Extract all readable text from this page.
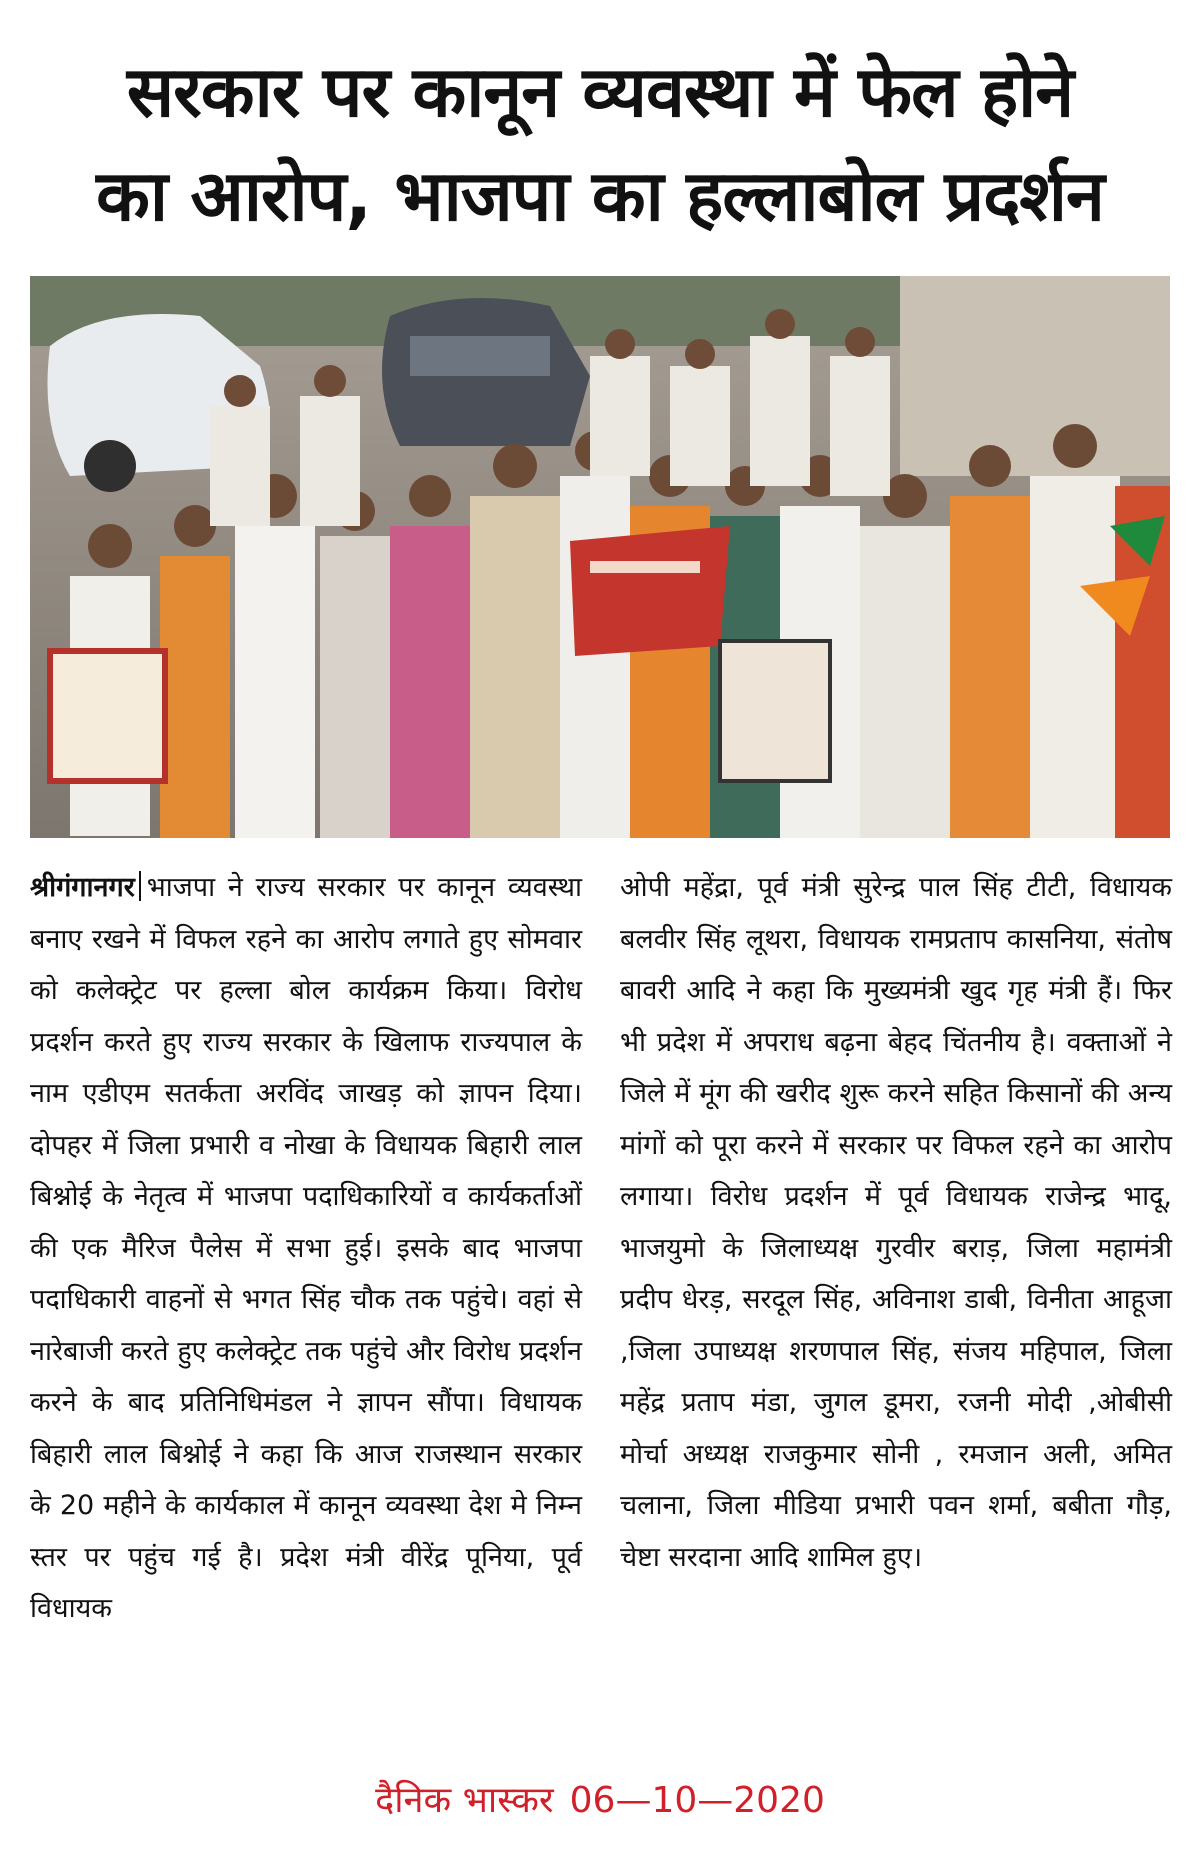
सरकार पर कानून व्यवस्था में फेल होने
का आरोप, भाजपा का हल्लाबोल प्रदर्शन
श्रीगंगानगर भाजपा ने राज्य सरकार पर कानून व्यवस्था बनाए रखने में विफल रहने का आरोप लगाते हुए सोमवार को कलेक्ट्रेट पर हल्ला बोल कार्यक्रम किया। विरोध प्रदर्शन करते हुए राज्य सरकार के खिलाफ राज्यपाल के नाम एडीएम सतर्कता अरविंद जाखड़ को ज्ञापन दिया। दोपहर में जिला प्रभारी व नोखा के विधायक बिहारी लाल बिश्नोई के नेतृत्व में भाजपा पदाधिकारियों व कार्यकर्ताओं की एक मैरिज पैलेस में सभा हुई। इसके बाद भाजपा पदाधिकारी वाहनों से भगत सिंह चौक तक पहुंचे। वहां से नारेबाजी करते हुए कलेक्ट्रेट तक पहुंचे और विरोध प्रदर्शन करने के बाद प्रतिनिधिमंडल ने ज्ञापन सौंपा। विधायक बिहारी लाल बिश्नोई ने कहा कि आज राजस्थान सरकार के 20 महीने के कार्यकाल में कानून व्यवस्था देश मे निम्न स्तर पर पहुंच गई है। प्रदेश मंत्री वीरेंद्र पूनिया, पूर्व विधायक
ओपी महेंद्रा, पूर्व मंत्री सुरेन्द्र पाल सिंह टीटी, विधायक बलवीर सिंह लूथरा, विधायक रामप्रताप कासनिया, संतोष बावरी आदि ने कहा कि मुख्यमंत्री खुद गृह मंत्री हैं। फिर भी प्रदेश में अपराध बढ़ना बेहद चिंतनीय है। वक्ताओं ने जिले में मूंग की खरीद शुरू करने सहित किसानों की अन्य मांगों को पूरा करने में सरकार पर विफल रहने का आरोप लगाया। विरोध प्रदर्शन में पूर्व विधायक राजेन्द्र भादू, भाजयुमो के जिलाध्यक्ष गुरवीर बराड़, जिला महामंत्री प्रदीप धेरड़, सरदूल सिंह, अविनाश डाबी, विनीता आहूजा ,जिला उपाध्यक्ष शरणपाल सिंह, संजय महिपाल, जिला महेंद्र प्रताप मंडा, जुगल डूमरा, रजनी मोदी ,ओबीसी मोर्चा अध्यक्ष राजकुमार सोनी , रमजान अली, अमित चलाना, जिला मीडिया प्रभारी पवन शर्मा, बबीता गौड़, चेष्टा सरदाना आदि शामिल हुए।
दैनिक भास्कर 06—10—2020
